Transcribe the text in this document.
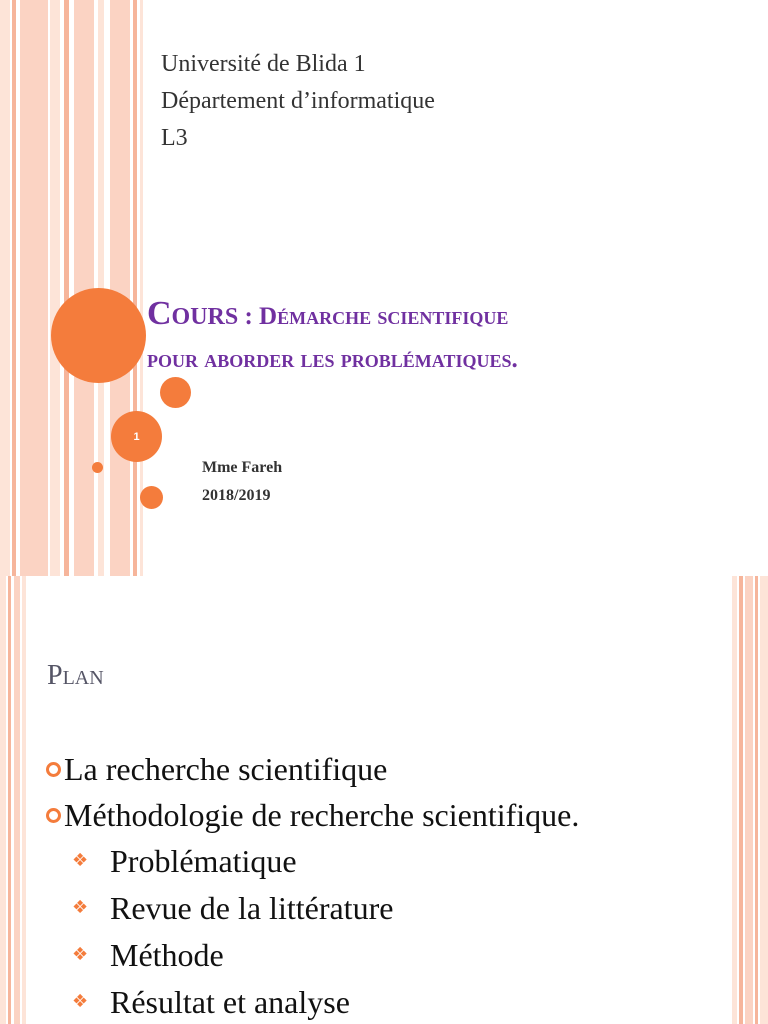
Université de Blida 1
Département d’informatique
L3
1
Cours : Démarche scientifique
pour aborder les problématiques.
Mme Fareh
2018/2019
Plan
La recherche scientifique
Méthodologie de recherche scientifique.
❖ Problématique
❖ Revue de la littérature
❖ Méthode
❖ Résultat et analyse
